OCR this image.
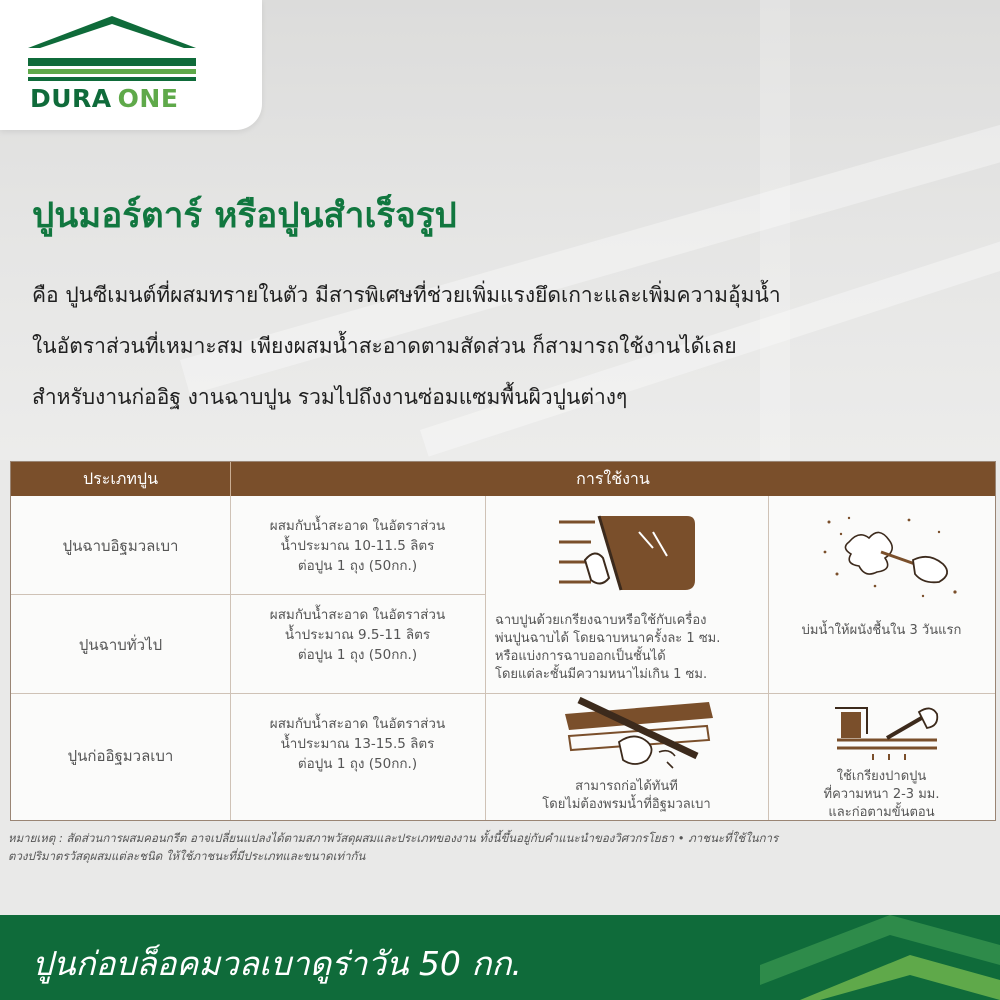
DURA ONE
ปูนมอร์ตาร์ หรือปูนสำเร็จรูป
คือ ปูนซีเมนต์ที่ผสมทรายในตัว มีสารพิเศษที่ช่วยเพิ่มแรงยึดเกาะและเพิ่มความอุ้มน้ำ
ในอัตราส่วนที่เหมาะสม เพียงผสมน้ำสะอาดตามสัดส่วน ก็สามารถใช้งานได้เลย
สำหรับงานก่ออิฐ งานฉาบปูน รวมไปถึงงานซ่อมแซมพื้นผิวปูนต่างๆ
ประเภทปูน	การใช้งาน
ปูนฉาบอิฐมวลเบา
ผสมกับน้ำสะอาด ในอัตราส่วน
น้ำประมาณ 10-11.5 ลิตร
ต่อปูน 1 ถุง (50กก.)
ปูนฉาบทั่วไป
ผสมกับน้ำสะอาด ในอัตราส่วน
น้ำประมาณ 9.5-11 ลิตร
ต่อปูน 1 ถุง (50กก.)
ปูนก่ออิฐมวลเบา
ผสมกับน้ำสะอาด ในอัตราส่วน
น้ำประมาณ 13-15.5 ลิตร
ต่อปูน 1 ถุง (50กก.)
ฉาบปูนด้วยเกรียงฉาบหรือใช้กับเครื่อง
พ่นปูนฉาบได้ โดยฉาบหนาครั้งละ 1 ซม.
หรือแบ่งการฉาบออกเป็นชั้นได้
โดยแต่ละชั้นมีความหนาไม่เกิน 1 ซม.
บ่มน้ำให้ผนังชื้นใน 3 วันแรก
สามารถก่อได้ทันที
โดยไม่ต้องพรมน้ำที่อิฐมวลเบา
ใช้เกรียงปาดปูน
ที่ความหนา 2-3 มม.
และก่อตามขั้นตอน
หมายเหตุ : สัดส่วนการผสมคอนกรีต อาจเปลี่ยนแปลงได้ตามสภาพวัสดุผสมและประเภทของงาน ทั้งนี้ขึ้นอยู่กับคำแนะนำของวิศวกรโยธา • ภาชนะที่ใช้ในการ
ตวงปริมาตรวัสดุผสมแต่ละชนิด ให้ใช้ภาชนะที่มีประเภทและขนาดเท่ากัน
ปูนก่อบล็อคมวลเบาดูร่าวัน 50 กก.
